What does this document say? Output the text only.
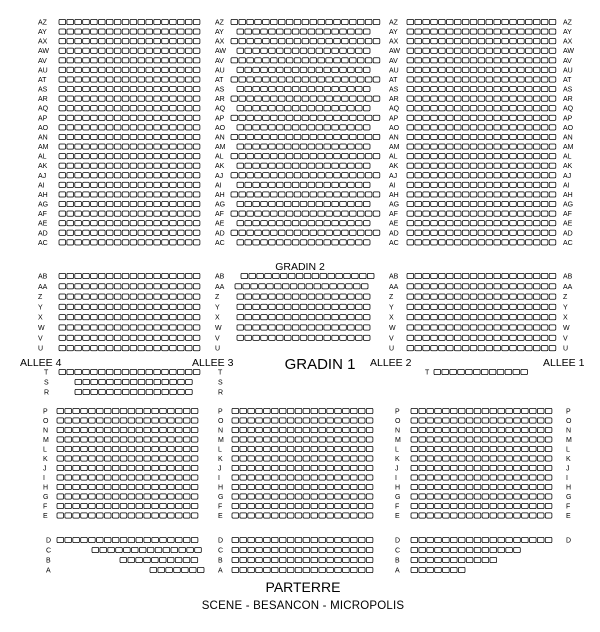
AZ	AZ	AZ	AZ
AY	AY	AY	AY
AX	AX	AX	AX
AW	AW	AW	AW
AV	AV	AV	AV
AU	AU	AU	AU
AT	AT	AT	AT
AS	AS	AS	AS
AR	AR	AR	AR
AQ	AQ	AQ	AQ
AP	AP	AP	AP
AO	AO	AO	AO
AN	AN	AN	AN
AM	AM	AM	AM
AL	AL	AL	AL
AK	AK	AK	AK
AJ	AJ	AJ	AJ
AI	AI	AI	AI
AH	AH	AH	AH
AG	AG	AG	AG
AF	AF	AF	AF
AE	AE	AE	AE
AD	AD	AD	AD
AC	AC	AC	AC
AB	AB	AB	AB
AA	AA	AA	AA
Z	Z	Z	Z
Y	Y	Y	Y
X	X	X	X
W	W	W	W
V	V	V	V
U	U	U	U
T	T
S	S
R	R
T
P	P	P	P
O	O	O	O
N	N	N	N
M	M	M	M
L	L	L	L
K	K	K	K
J	J	J	J
I	I	I	I
H	H	H	H
G	G	G	G
F	F	F	F
E	E	E	E
D	D	D	D
C	C	C
B	B	B
A	A	A
GRADIN 2
GRADIN 1
ALLEE 4	ALLEE 3	ALLEE 2	ALLEE 1
PARTERRE
SCENE - BESANCON - MICROPOLIS
